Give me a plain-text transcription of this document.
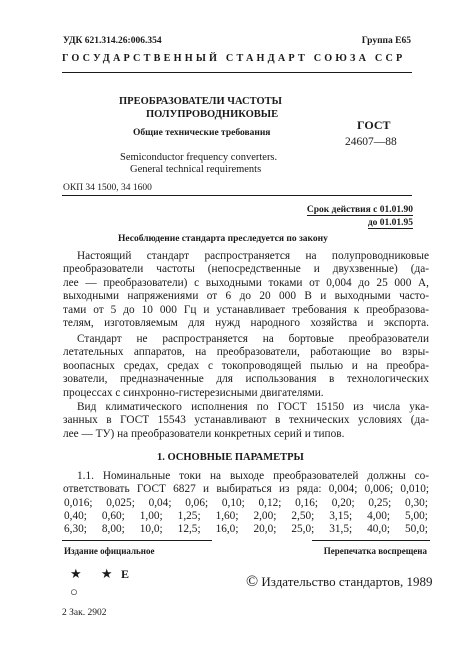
УДК 621.314.26:006.354	Группа Е65
ГОСУДАРСТВЕННЫЙ СТАНДАРТ СОЮЗА ССР
ПРЕОБРАЗОВАТЕЛИ ЧАСТОТЫ
ПОЛУПРОВОДНИКОВЫЕ
Общие технические требования
Semiconductor frequency converters.
General technical requirements
ГОСТ
24607—88
ОКП 34 1500, 34 1600
Срок действия с 01.01.90
до 01.01.95
Несоблюдение стандарта преследуется по закону
Настоящий стандарт распространяется на полупроводниковые
преобразователи частоты (непосредственные и двухзвенные) (да-
лее — преобразователи) с выходными токами от 0,004 до 25 000 А,
выходными напряжениями от 6 до 20 000 В и выходными часто-
тами от 5 до 10 000 Гц и устанавливает требования к преобразова-
телям, изготовляемым для нужд народного хозяйства и экспорта.
Стандарт не распространяется на бортовые преобразователи
летательных аппаратов, на преобразователи, работающие во взры-
воопасных средах, средах с токопроводящей пылью и на преобра-
зователи, предназначенные для использования в технологических
процессах с синхронно-гистерезисными двигателями.
Вид климатического исполнения по ГОСТ 15150 из числа ука-
занных в ГОСТ 15543 устанавливают в технических условиях (да-
лее — ТУ) на преобразователи конкретных серий и типов.
1. ОСНОВНЫЕ ПАРАМЕТРЫ
1.1. Номинальные токи на выходе преобразователей должны со-
ответствовать ГОСТ 6827 и выбираться из ряда: 0,004; 0,006; 0,010;
0,016; 0,025; 0,04; 0,06; 0,10; 0,12; 0,16; 0,20; 0,25; 0,30;
0,40; 0,60; 1,00; 1,25; 1,60; 2,00; 2,50; 3,15; 4,00; 5,00;
6,30; 8,00; 10,0; 12,5; 16,0; 20,0; 25,0; 31,5; 40,0; 50,0;
Издание официальное	Перепечатка воспрещена
★ ★ Е
○
© Издательство стандартов, 1989
2 Зак. 2902
